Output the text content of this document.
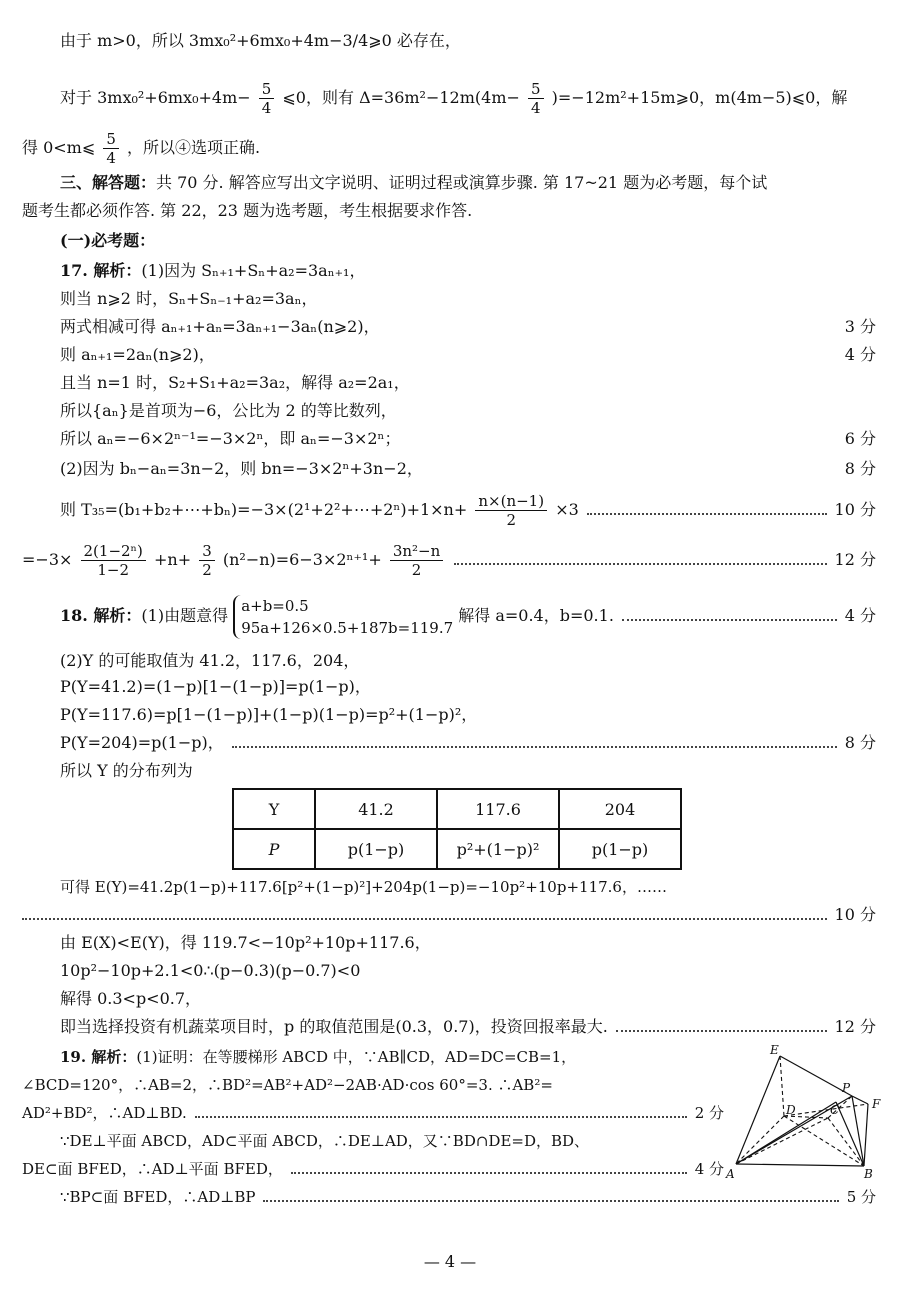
由于 m>0，所以 3mx₀²+6mx₀+4m−3/4⩾0 必存在，
对于 $3mx_0^2+6mx_0+4m- \frac{5}{4}$ ⩽0，则有 $\Delta=36m^2-12m(4m- \frac{5}{4}$ )=−12m²+15m⩾0，m(4m−5)⩽0，解
得 0<m⩽ $\frac{5}{4}$ ，所以④选项正确.
三、解答题：共 70 分. 解答应写出文字说明、证明过程或演算步骤. 第 17~21 题为必考题，每个试
题考生都必须作答. 第 22，23 题为选考题，考生根据要求作答.
(一)必考题：
17. 解析：(1)因为 Sₙ₊₁+Sₙ+a₂=3aₙ₊₁，
则当 n⩾2 时，Sₙ+Sₙ₋₁+a₂=3aₙ，
两式相减可得 aₙ₊₁+aₙ=3aₙ₊₁−3aₙ(n⩾2)，	3 分
则 aₙ₊₁=2aₙ(n⩾2)，	4 分
且当 n=1 时，S₂+S₁+a₂=3a₂，解得 a₂=2a₁，
所以{aₙ}是首项为−6，公比为 2 的等比数列，
所以 aₙ=−6×2ⁿ⁻¹=−3×2ⁿ，即 aₙ=−3×2ⁿ；	6 分
(2)因为 bₙ−aₙ=3n−2，则 bn=−3×2ⁿ+3n−2，	8 分
则 T₃₅=(b₁+b₂+⋯+bₙ)=−3×(2¹+2²+⋯+2ⁿ)+1×n+ $\frac{n\times(n-1)}{2} \times 3$	10 分
$=-3\times \frac{\text{2(1−2ⁿ)}}{1-2} +n+ \frac{3}{2} (n^2-n)=6-3\times 2^{n+1}+ \frac{\text{3n²−n}}{2}$	12 分
18. 解析：(1)由题意得
a+b=0.5
95a+126×0.5+187b=119.7
解得 a=0.4，b=0.1.	4 分
(2)Y 的可能取值为 41.2，117.6，204，
P(Y=41.2)=(1−p)[1−(1−p)]=p(1−p)，
P(Y=117.6)=p[1−(1−p)]+(1−p)(1−p)=p²+(1−p)²，
P(Y=204)=p(1−p)，	8 分
所以 Y 的分布列为
Y	41.2	117.6	204
P	p(1−p)	p²+(1−p)²	p(1−p)
可得 E(Y)=41.2p(1−p)+117.6[p²+(1−p)²]+204p(1−p)=−10p²+10p+117.6，……
10 分
由 E(X)<E(Y)，得 119.7<−10p²+10p+117.6，
10p²−10p+2.1<0∴(p−0.3)(p−0.7)<0
解得 0.3<p<0.7，
即当选择投资有机蔬菜项目时，p 的取值范围是(0.3，0.7)，投资回报率最大.	12 分
19. 解析：(1)证明：在等腰梯形 ABCD 中，∵AB∥CD，AD=DC=CB=1，
∠BCD=120°，∴AB=2，∴BD²=AB²+AD²−2AB·AD·cos 60°=3. ∴AB²=
AD²+BD²，∴AD⊥BD.	2 分
∵DE⊥平面 ABCD，AD⊂平面 ABCD，∴DE⊥AD，又∵BD∩DE=D，BD、
DE⊂面 BFED，∴AD⊥平面 BFED，	4 分
∵BP⊂面 BFED，∴AD⊥BP	5 分
E
P
F
D	C
A	B
— 4 —
